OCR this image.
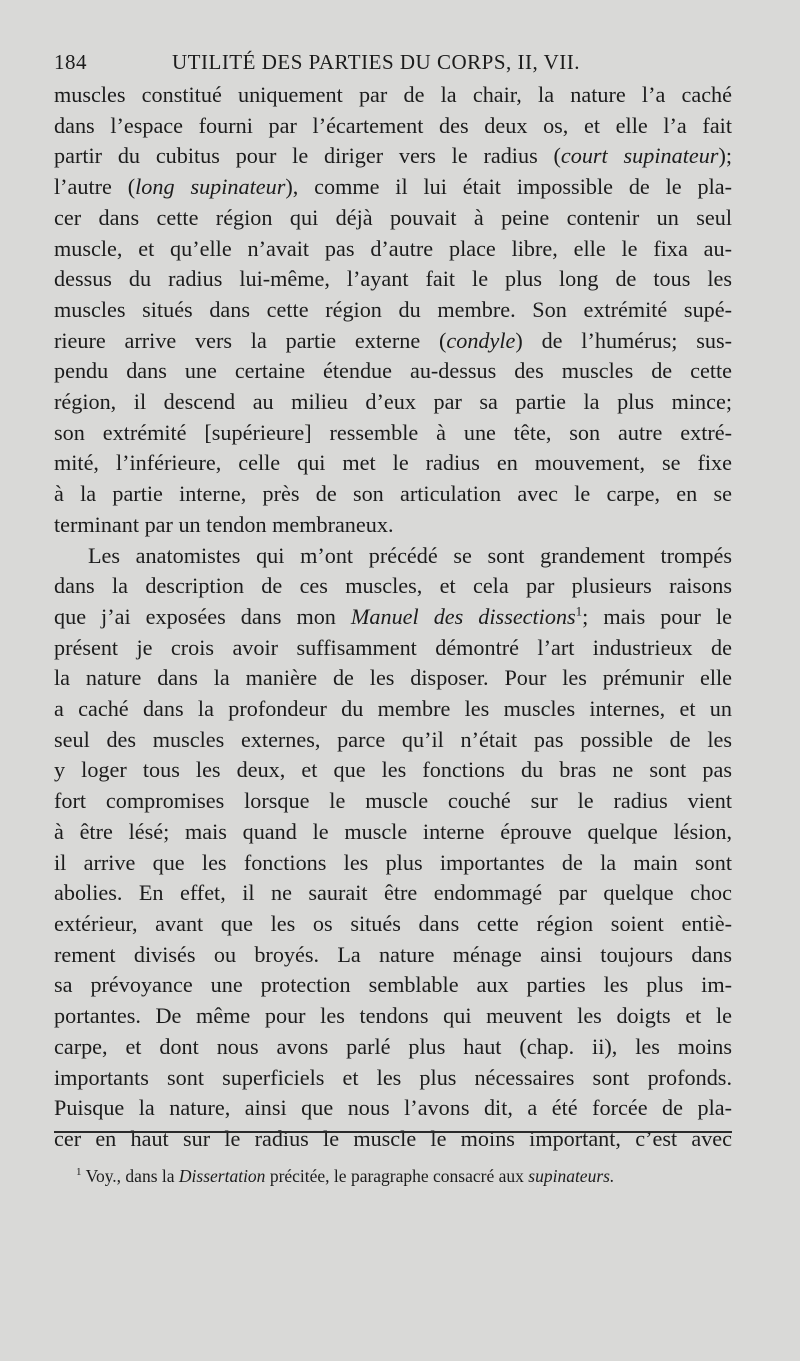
184	UTILITÉ DES PARTIES DU CORPS, II, VII.

muscles constitué uniquement par de la chair, la nature l’a caché
dans l’espace fourni par l’écartement des deux os, et elle l’a fait
partir du cubitus pour le diriger vers le radius (court supinateur);
l’autre (long supinateur), comme il lui était impossible de le pla-
cer dans cette région qui déjà pouvait à peine contenir un seul
muscle, et qu’elle n’avait pas d’autre place libre, elle le fixa au-
dessus du radius lui-même, l’ayant fait le plus long de tous les
muscles situés dans cette région du membre. Son extrémité supé-
rieure arrive vers la partie externe (condyle) de l’humérus; sus-
pendu dans une certaine étendue au-dessus des muscles de cette
région, il descend au milieu d’eux par sa partie la plus mince;
son extrémité [supérieure] ressemble à une tête, son autre extré-
mité, l’inférieure, celle qui met le radius en mouvement, se fixe
à la partie interne, près de son articulation avec le carpe, en se
terminant par un tendon membraneux.

Les anatomistes qui m’ont précédé se sont grandement trompés
dans la description de ces muscles, et cela par plusieurs raisons
que j’ai exposées dans mon Manuel des dissections$^1$; mais pour le
présent je crois avoir suffisamment démontré l’art industrieux de
la nature dans la manière de les disposer. Pour les prémunir elle
a caché dans la profondeur du membre les muscles internes, et un
seul des muscles externes, parce qu’il n’était pas possible de les
y loger tous les deux, et que les fonctions du bras ne sont pas
fort compromises lorsque le muscle couché sur le radius vient
à être lésé; mais quand le muscle interne éprouve quelque lésion,
il arrive que les fonctions les plus importantes de la main sont
abolies. En effet, il ne saurait être endommagé par quelque choc
extérieur, avant que les os situés dans cette région soient entiè-
rement divisés ou broyés. La nature ménage ainsi toujours dans
sa prévoyance une protection semblable aux parties les plus im-
portantes. De même pour les tendons qui meuvent les doigts et le
carpe, et dont nous avons parlé plus haut (chap. ii), les moins
importants sont superficiels et les plus nécessaires sont profonds.
Puisque la nature, ainsi que nous l’avons dit, a été forcée de pla-
cer en haut sur le radius le muscle le moins important, c’est avec

$^1$ Voy., dans la Dissertation précitée, le paragraphe consacré aux supinateurs.
